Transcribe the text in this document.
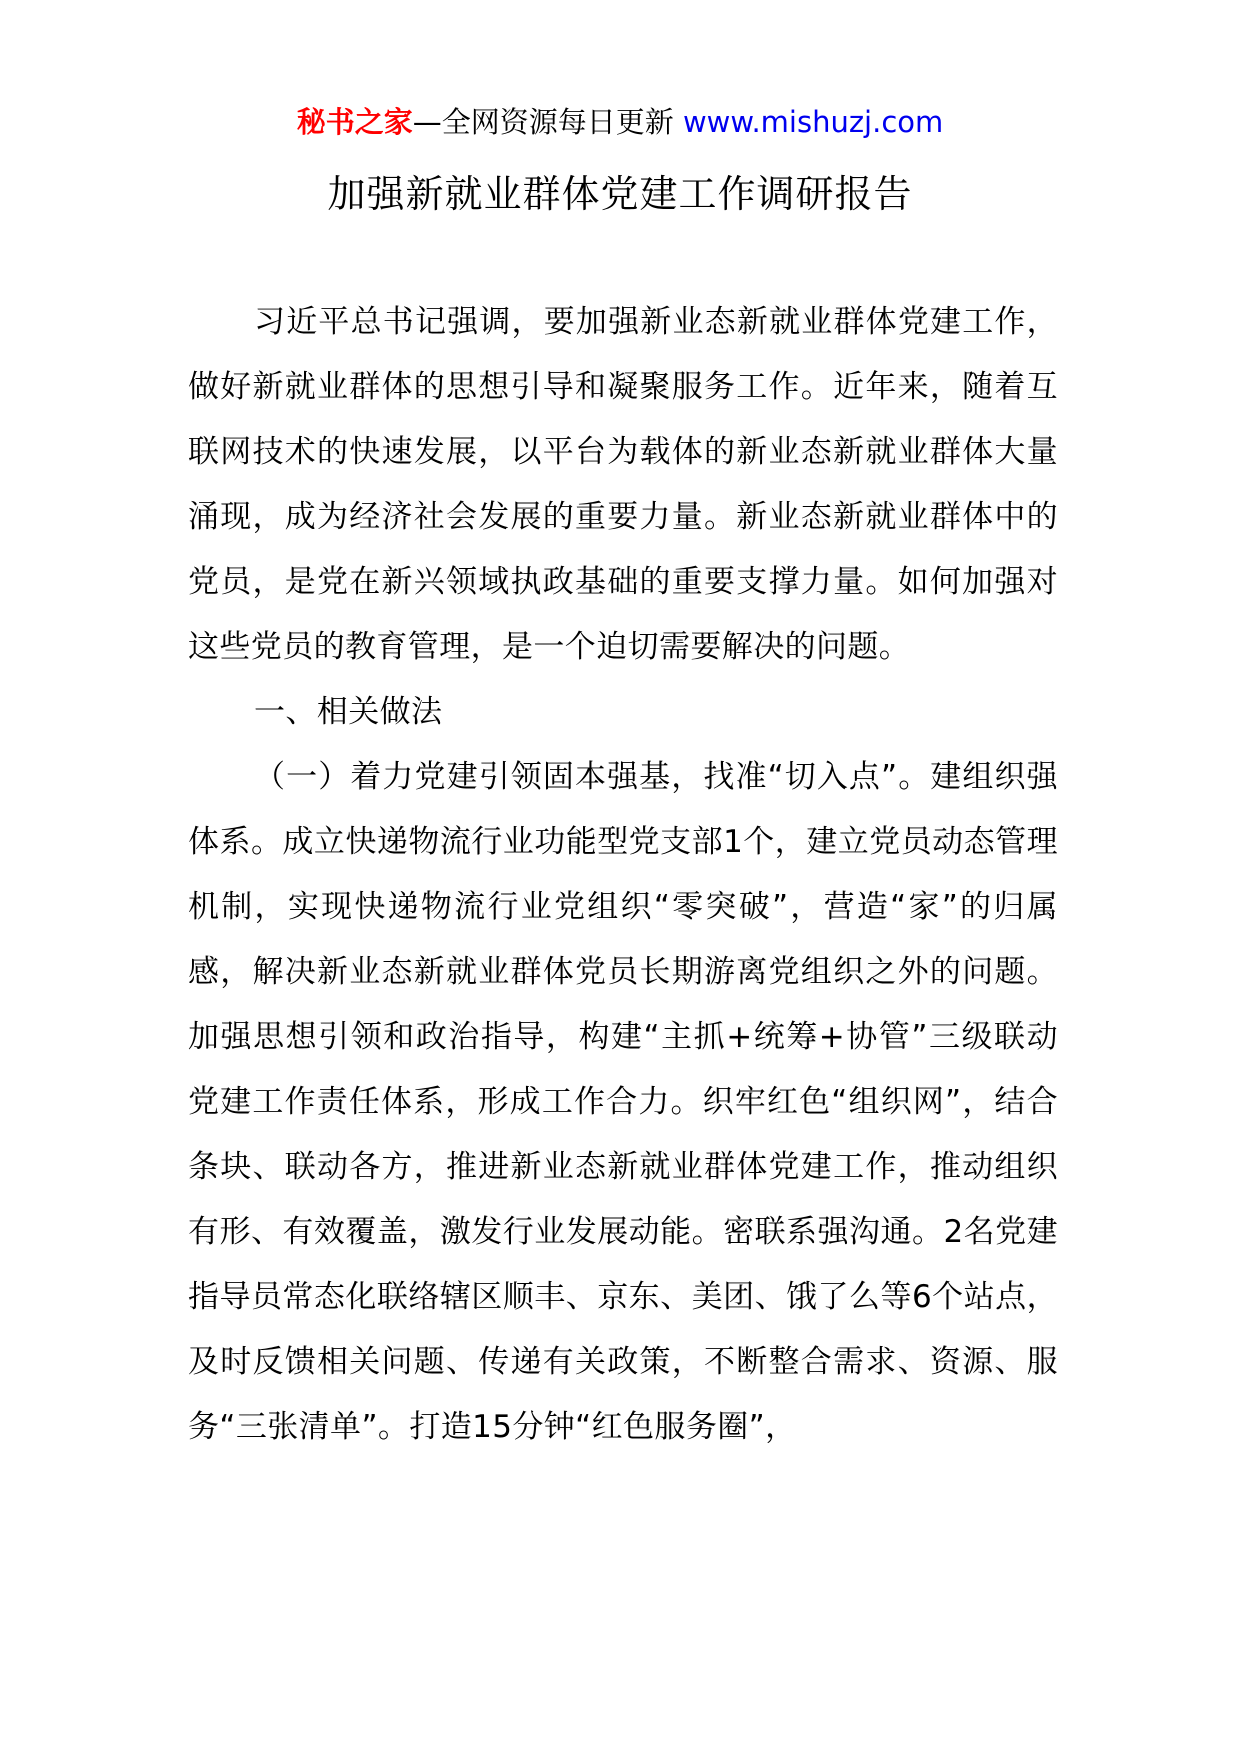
秘书之家—全网资源每日更新 www.mishuzj.com
加强新就业群体党建工作调研报告

习近平总书记强调，要加强新业态新就业群体党建工作，做好新就业群体的思想引导和凝聚服务工作。近年来，随着互联网技术的快速发展，以平台为载体的新业态新就业群体大量涌现，成为经济社会发展的重要力量。新业态新就业群体中的党员，是党在新兴领域执政基础的重要支撑力量。如何加强对这些党员的教育管理，是一个迫切需要解决的问题。

一、相关做法

（一）着力党建引领固本强基，找准“切入点”。建组织强体系。成立快递物流行业功能型党支部1个，建立党员动态管理机制，实现快递物流行业党组织“零突破”，营造“家”的归属感，解决新业态新就业群体党员长期游离党组织之外的问题。加强思想引领和政治指导，构建“主抓+统筹+协管”三级联动党建工作责任体系，形成工作合力。织牢红色“组织网”，结合条块、联动各方，推进新业态新就业群体党建工作，推动组织有形、有效覆盖，激发行业发展动能。密联系强沟通。2名党建指导员常态化联络辖区顺丰、京东、美团、饿了么等6个站点，及时反馈相关问题、传递有关政策，不断整合需求、资源、服务“三张清单”。打造15分钟“红色服务圈”，
